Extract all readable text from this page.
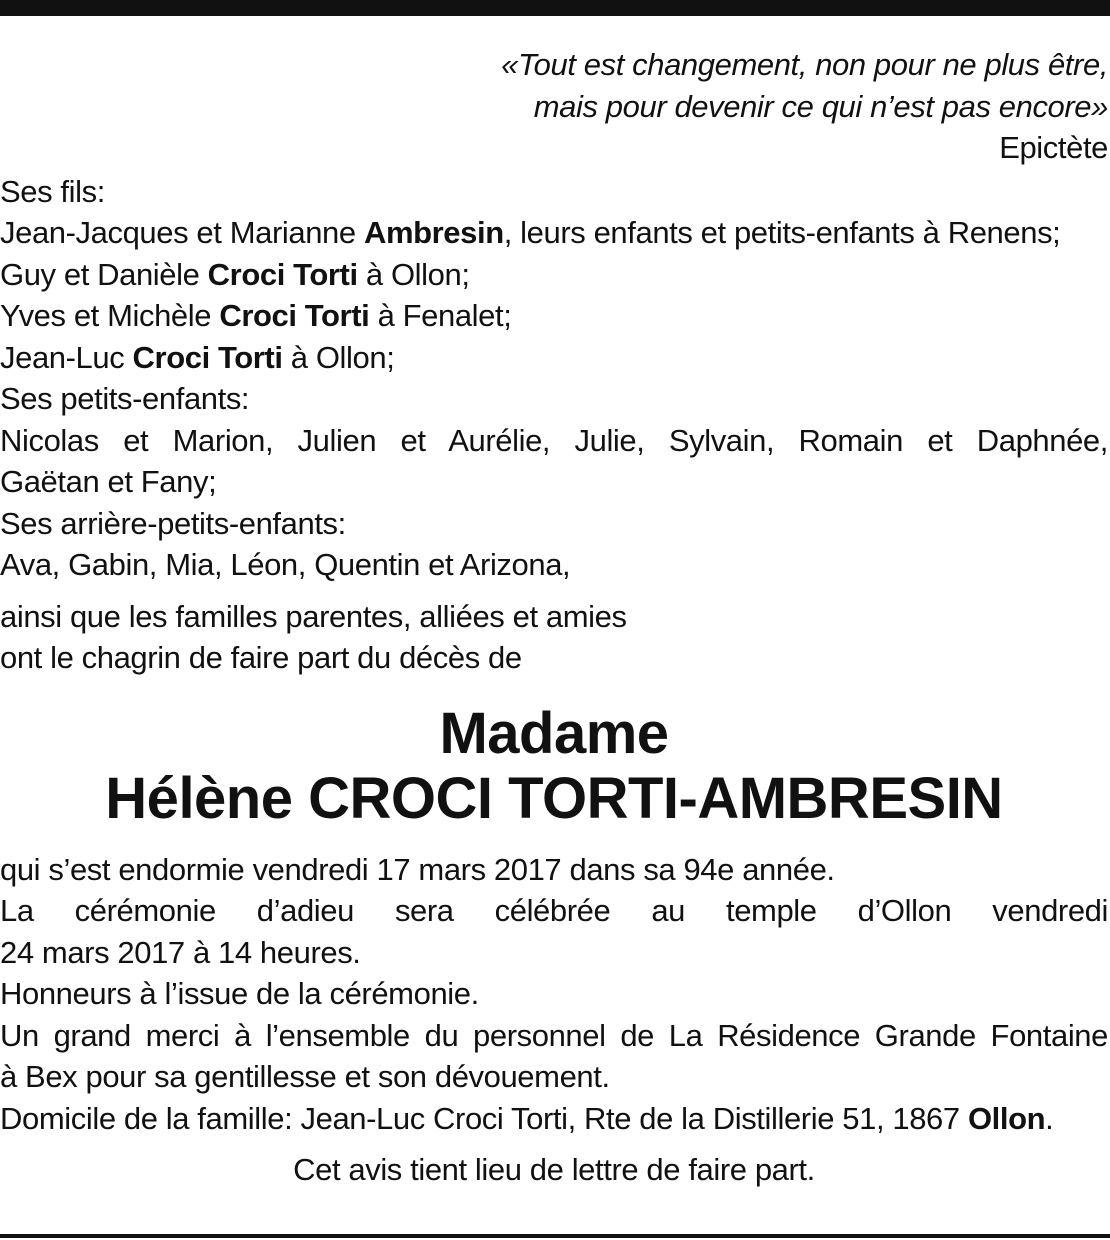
«Tout est changement, non pour ne plus être,
mais pour devenir ce qui n’est pas encore»
Epictète
Ses fils:
Jean-Jacques et Marianne Ambresin, leurs enfants et petits-enfants à Renens;
Guy et Danièle Croci Torti à Ollon;
Yves et Michèle Croci Torti à Fenalet;
Jean-Luc Croci Torti à Ollon;
Ses petits-enfants:
Nicolas et Marion, Julien et Aurélie, Julie, Sylvain, Romain et Daphnée,
Gaëtan et Fany;
Ses arrière-petits-enfants:
Ava, Gabin, Mia, Léon, Quentin et Arizona,
ainsi que les familles parentes, alliées et amies
ont le chagrin de faire part du décès de
Madame
Hélène CROCI TORTI-AMBRESIN
qui s’est endormie vendredi 17 mars 2017 dans sa 94e année.
La cérémonie d’adieu sera célébrée au temple d’Ollon vendredi
24 mars 2017 à 14 heures.
Honneurs à l’issue de la cérémonie.
Un grand merci à l’ensemble du personnel de La Résidence Grande Fontaine
à Bex pour sa gentillesse et son dévouement.
Domicile de la famille: Jean-Luc Croci Torti, Rte de la Distillerie 51, 1867 Ollon.
Cet avis tient lieu de lettre de faire part.
